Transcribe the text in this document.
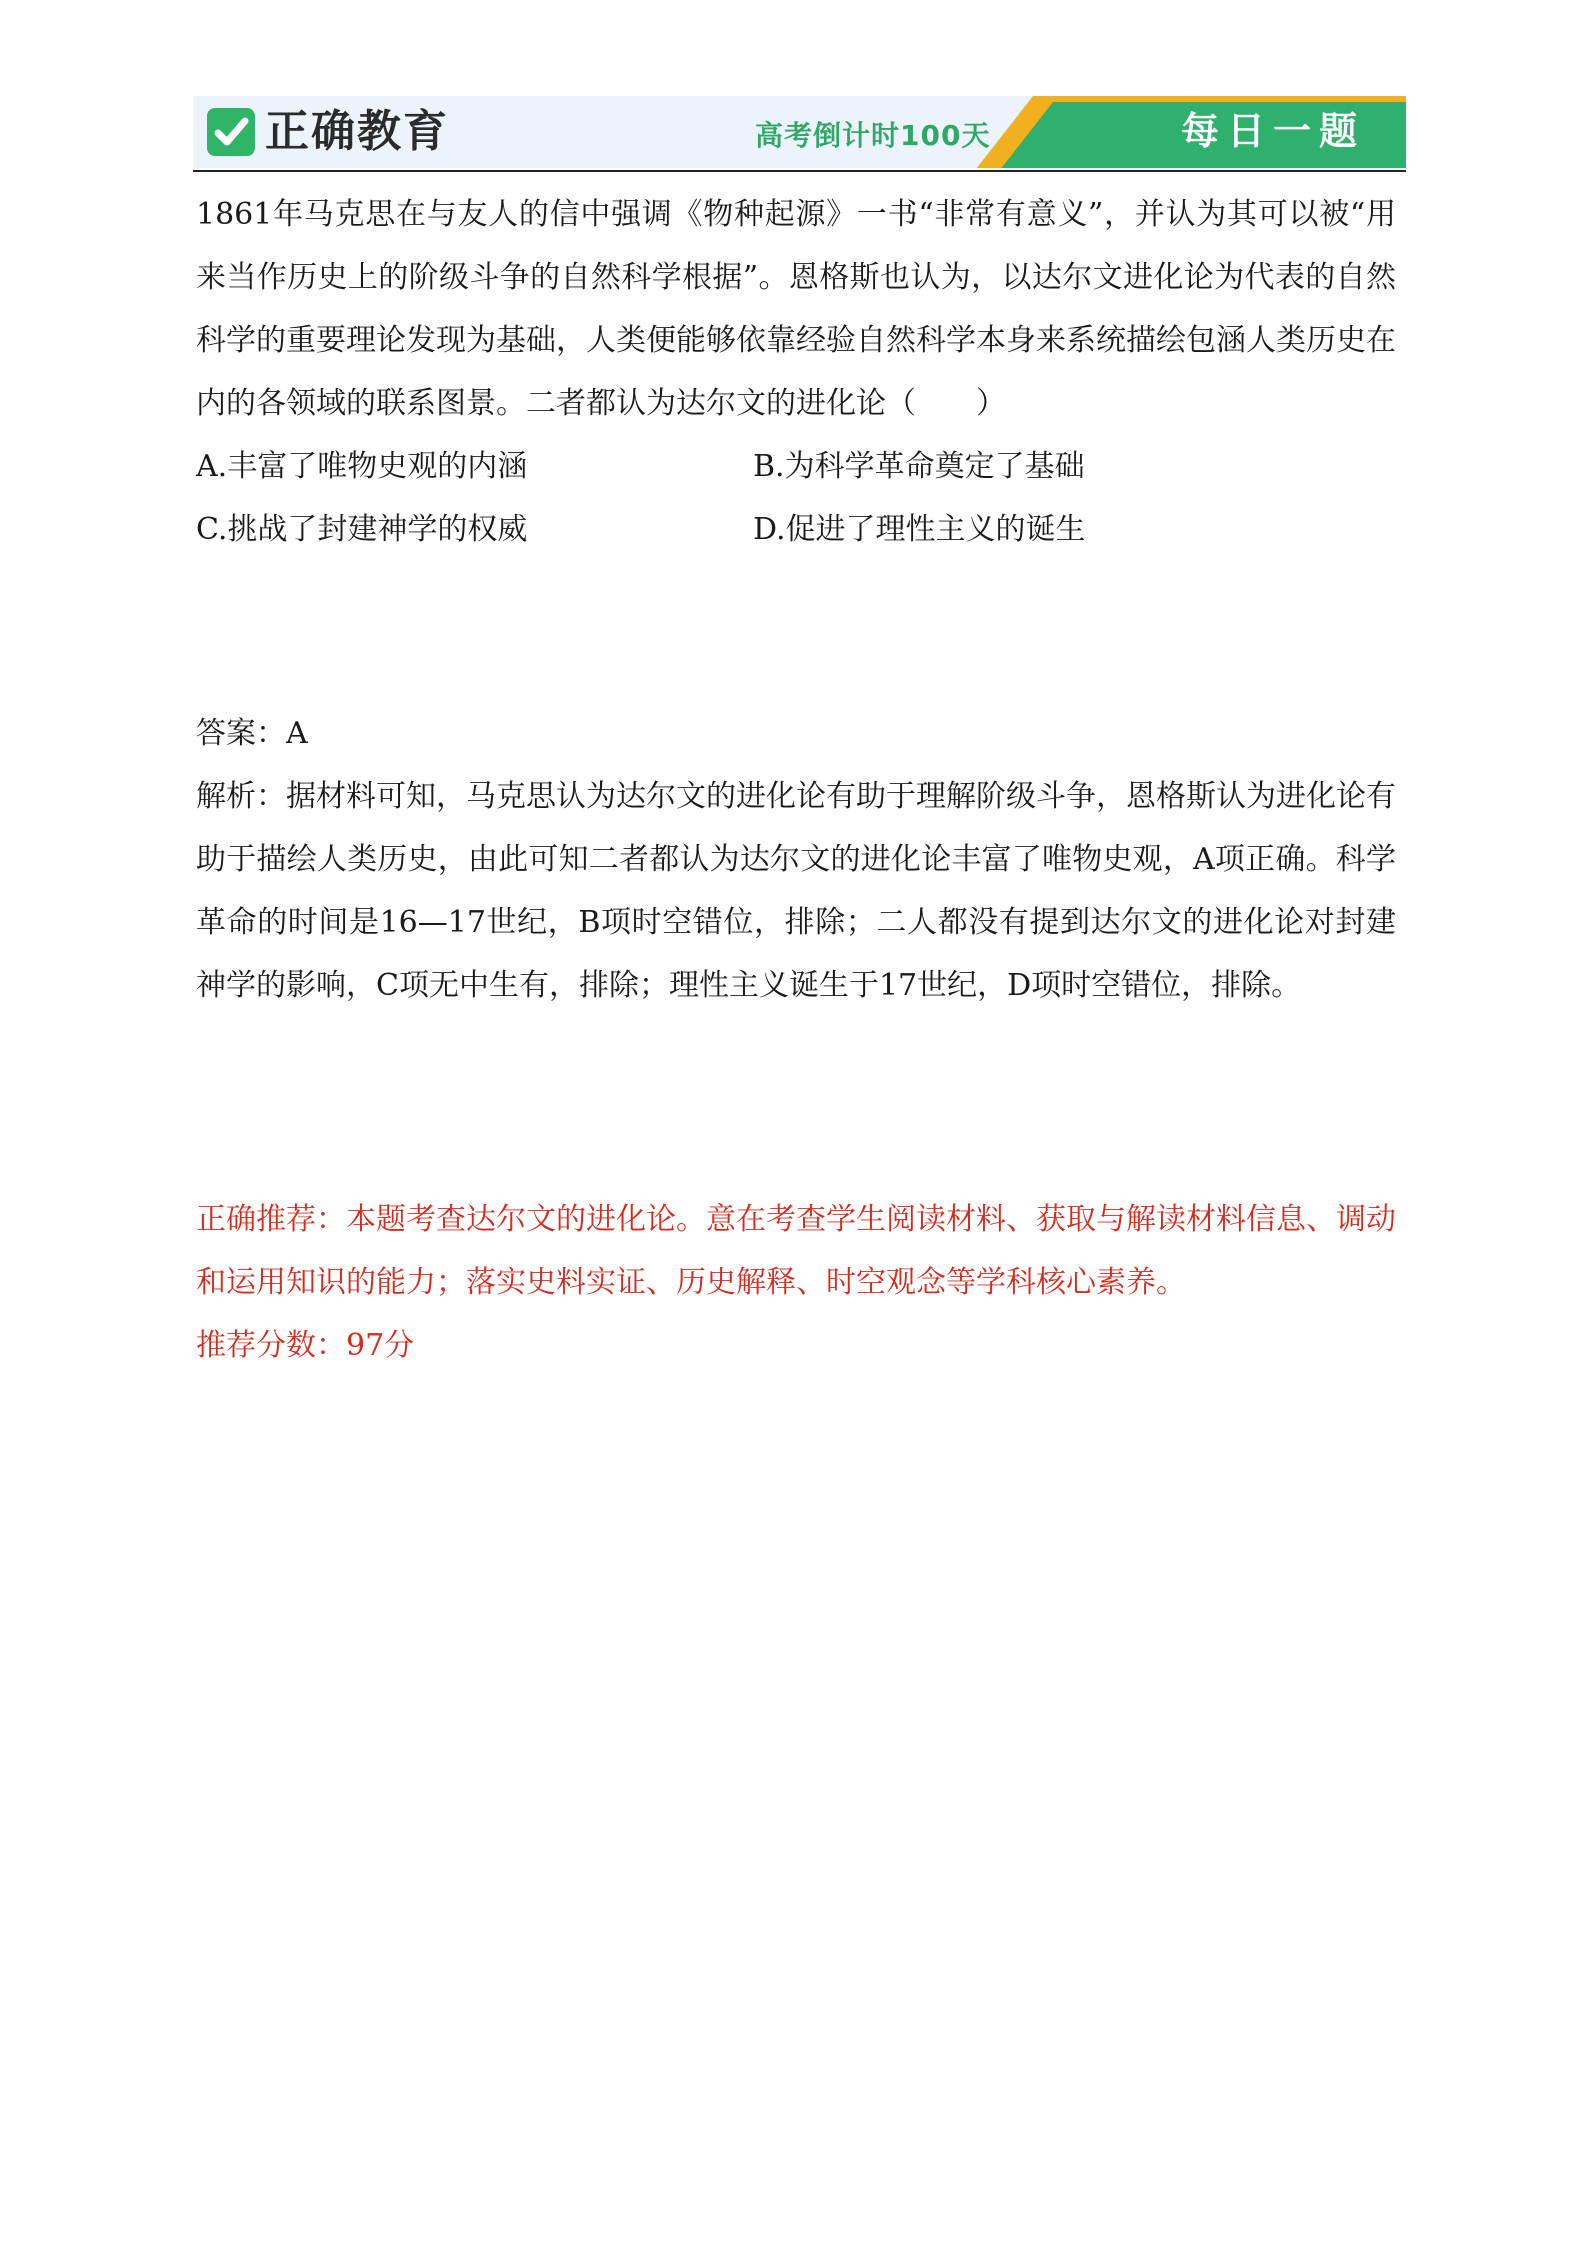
正确教育	高考倒计时100天	每日一题

1861年马克思在与友人的信中强调《物种起源》一书“非常有意义”，并认为其可以被“用来当作历史上的阶级斗争的自然科学根据”。恩格斯也认为，以达尔文进化论为代表的自然科学的重要理论发现为基础，人类便能够依靠经验自然科学本身来系统描绘包涵人类历史在内的各领域的联系图景。二者都认为达尔文的进化论（　　）

A.丰富了唯物史观的内涵	B.为科学革命奠定了基础
C.挑战了封建神学的权威	D.促进了理性主义的诞生

答案：A

解析：据材料可知，马克思认为达尔文的进化论有助于理解阶级斗争，恩格斯认为进化论有助于描绘人类历史，由此可知二者都认为达尔文的进化论丰富了唯物史观，A项正确。科学革命的时间是16—17世纪，B项时空错位，排除；二人都没有提到达尔文的进化论对封建神学的影响，C项无中生有，排除；理性主义诞生于17世纪，D项时空错位，排除。

正确推荐：本题考查达尔文的进化论。意在考查学生阅读材料、获取与解读材料信息、调动和运用知识的能力；落实史料实证、历史解释、时空观念等学科核心素养。

推荐分数：97分
